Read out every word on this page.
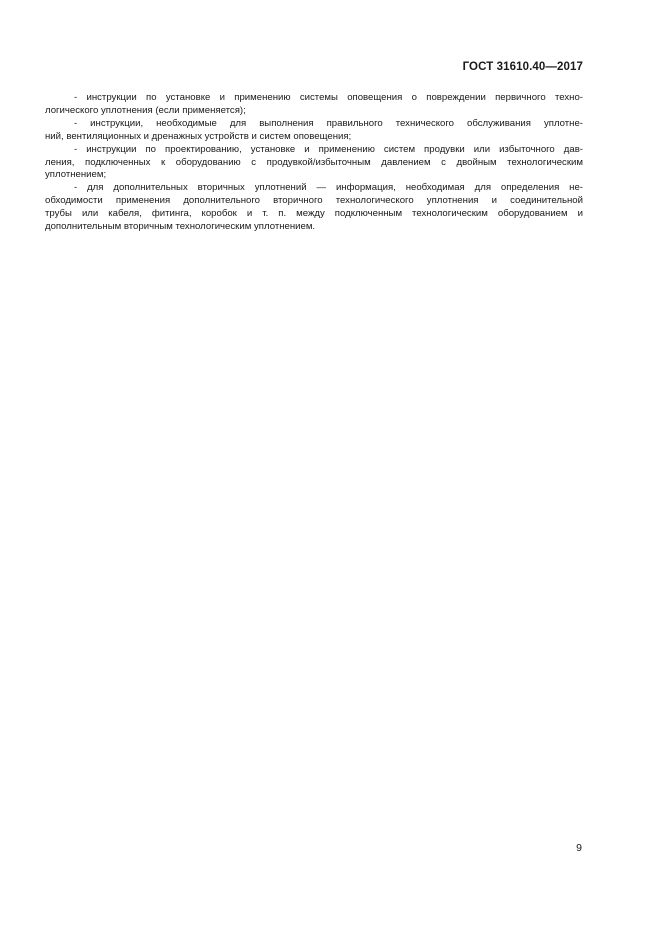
ГОСТ 31610.40—2017

- инструкции по установке и применению системы оповещения о повреждении первичного техно-
логического уплотнения (если применяется);

- инструкции, необходимые для выполнения правильного технического обслуживания уплотне-
ний, вентиляционных и дренажных устройств и систем оповещения;

- инструкции по проектированию, установке и применению систем продувки или избыточного дав-
ления, подключенных к оборудованию с продувкой/избыточным давлением с двойным технологическим
уплотнением;

- для дополнительных вторичных уплотнений — информация, необходимая для определения не-
обходимости применения дополнительного вторичного технологического уплотнения и соединительной
трубы или кабеля, фитинга, коробок и т. п. между подключенным технологическим оборудованием и
дополнительным вторичным технологическим уплотнением.

9
